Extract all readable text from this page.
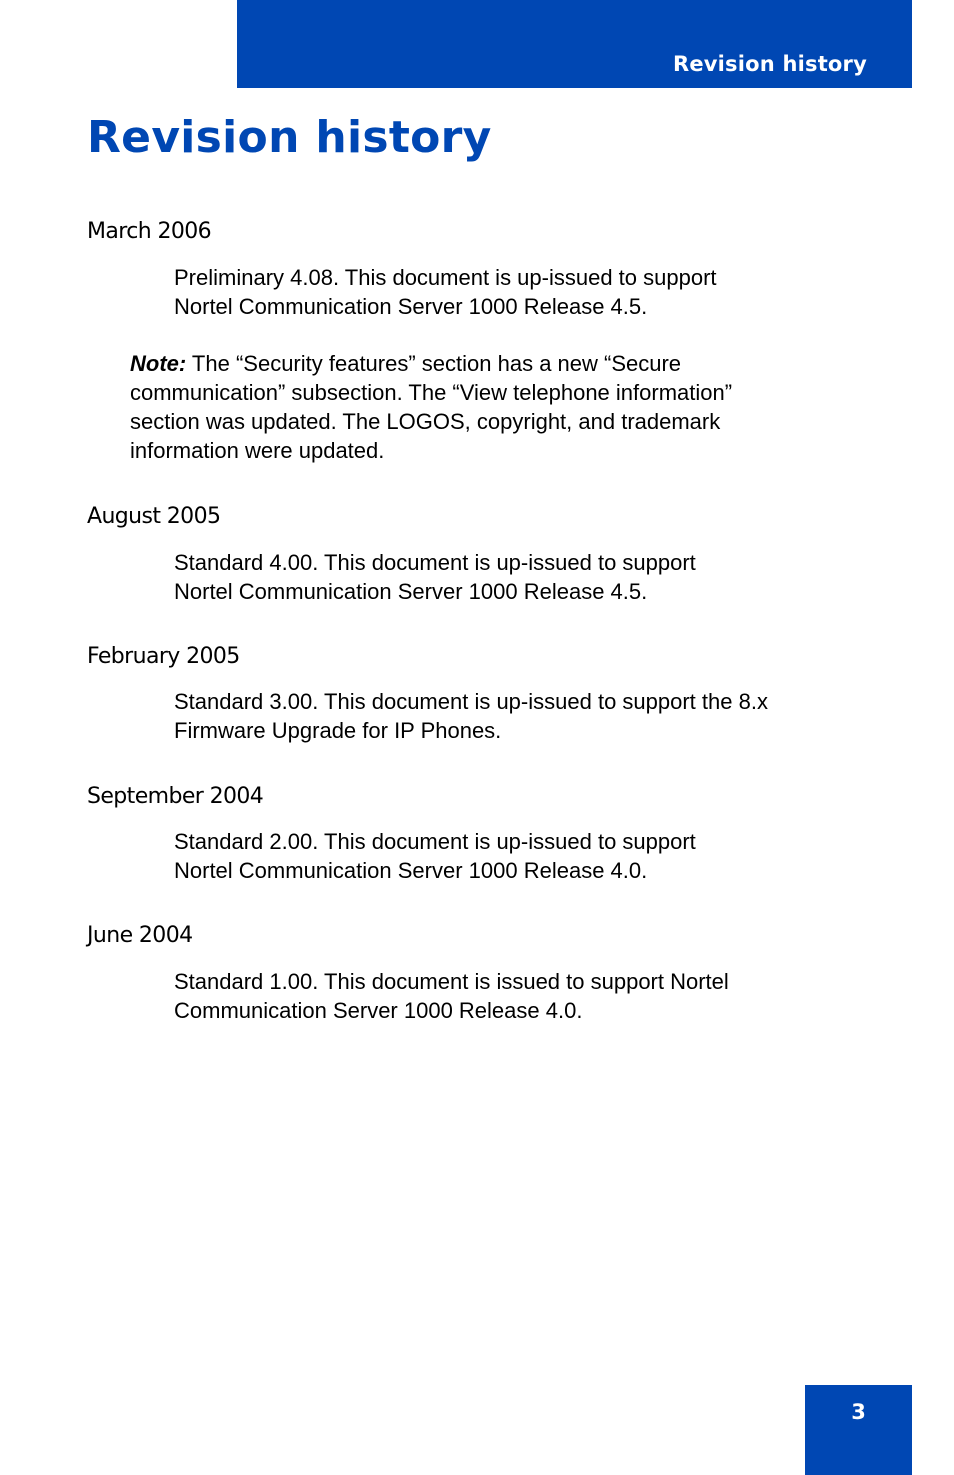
Revision history
Revision history
March 2006

Preliminary 4.08. This document is up-issued to support
Nortel Communication Server 1000 Release 4.5.

Note: The “Security features” section has a new “Secure
communication” subsection. The “View telephone information”
section was updated. The LOGOS, copyright, and trademark
information were updated.

August 2005

Standard 4.00. This document is up-issued to support
Nortel Communication Server 1000 Release 4.5.

February 2005

Standard 3.00. This document is up-issued to support the 8.x
Firmware Upgrade for IP Phones.

September 2004

Standard 2.00. This document is up-issued to support
Nortel Communication Server 1000 Release 4.0.

June 2004

Standard 1.00. This document is issued to support Nortel
Communication Server 1000 Release 4.0.

3
